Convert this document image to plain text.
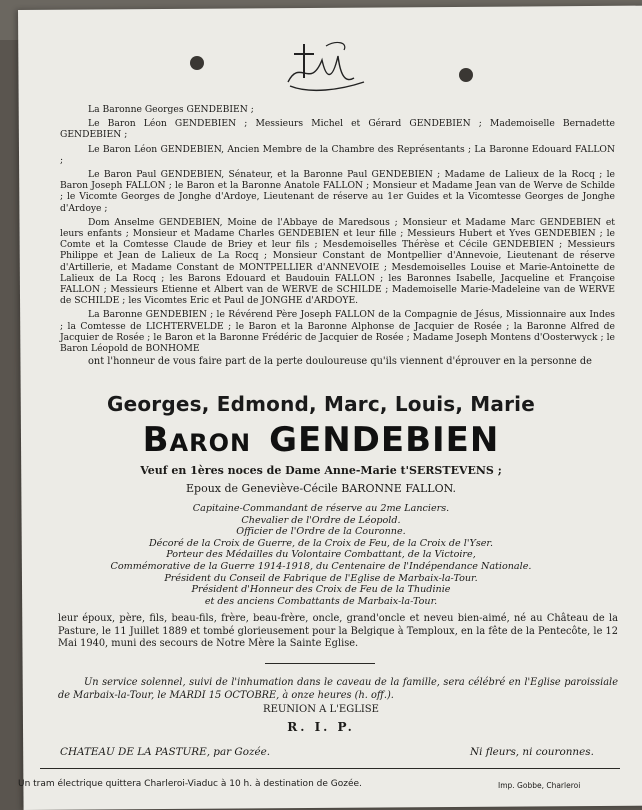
La Baronne Georges GENDEBIEN ;

Le Baron Léon GENDEBIEN ; Messieurs Michel et Gérard GENDEBIEN ; Mademoiselle Bernadette GENDEBIEN ;

Le Baron Léon GENDEBIEN, Ancien Membre de la Chambre des Représentants ; La Baronne Edouard FALLON ;

Le Baron Paul GENDEBIEN, Sénateur, et la Baronne Paul GENDEBIEN ; Madame de Lalieux de la Rocq ; le Baron Joseph FALLON ; le Baron et la Baronne Anatole FALLON ; Monsieur et Madame Jean van de Werve de Schilde ; le Vicomte Georges de Jonghe d'Ardoye, Lieutenant de réserve au 1er Guides et la Vicomtesse Georges de Jonghe d'Ardoye ;

Dom Anselme GENDEBIEN, Moine de l'Abbaye de Maredsous ; Monsieur et Madame Marc GENDEBIEN et leurs enfants ; Monsieur et Madame Charles GENDEBIEN et leur fille ; Messieurs Hubert et Yves GENDEBIEN ; le Comte et la Comtesse Claude de Briey et leur fils ; Mesdemoiselles Thérèse et Cécile GENDEBIEN ; Messieurs Philippe et Jean de Lalieux de La Rocq ; Monsieur Constant de Montpellier d'Annevoie, Lieutenant de réserve d'Artillerie, et Madame Constant de MONTPELLIER d'ANNEVOIE ; Mesdemoiselles Louise et Marie-Antoinette de Lalieux de La Rocq ; les Barons Edouard et Baudouin FALLON ; les Baronnes Isabelle, Jacqueline et Françoise FALLON ; Messieurs Etienne et Albert van de WERVE de SCHILDE ; Mademoiselle Marie-Madeleine van de WERVE de SCHILDE ; les Vicomtes Eric et Paul de JONGHE d'ARDOYE.

La Baronne GENDEBIEN ; le Révérend Père Joseph FALLON de la Compagnie de Jésus, Missionnaire aux Indes ; la Comtesse de LICHTERVELDE ; le Baron et la Baronne Alphonse de Jacquier de Rosée ; la Baronne Alfred de Jacquier de Rosée ; le Baron et la Baronne Frédéric de Jacquier de Rosée ; Madame Joseph Montens d'Oosterwyck ; le Baron Léopold de BONHOME

ont l'honneur de vous faire part de la perte douloureuse qu'ils viennent d'éprouver en la personne de

Georges, Edmond, Marc, Louis, Marie
Baron GENDEBIEN
Veuf en 1ères noces de Dame Anne-Marie t'SERSTEVENS ;
Epoux de Geneviève-Cécile BARONNE FALLON.
Capitaine-Commandant de réserve au 2me Lanciers.
Chevalier de l'Ordre de Léopold.
Officier de l'Ordre de la Couronne.
Décoré de la Croix de Guerre, de la Croix de Feu, de la Croix de l'Yser.
Porteur des Médailles du Volontaire Combattant, de la Victoire,
Commémorative de la Guerre 1914-1918, du Centenaire de l'Indépendance Nationale.
Président du Conseil de Fabrique de l'Eglise de Marbaix-la-Tour.
Président d'Honneur des Croix de Feu de la Thudinie
et des anciens Combattants de Marbaix-la-Tour.

leur époux, père, fils, beau-fils, frère, beau-frère, oncle, grand'oncle et neveu bien-aimé, né au Château de la Pasture, le 11 Juillet 1889 et tombé glorieusement pour la Belgique à Temploux, en la fête de la Pentecôte, le 12 Mai 1940, muni des secours de Notre Mère la Sainte Eglise.

Un service solennel, suivi de l'inhumation dans le caveau de la famille, sera célébré en l'Eglise paroissiale de Marbaix-la-Tour, le MARDI 15 OCTOBRE, à onze heures (h. off.).

REUNION A L'EGLISE
R. I. P.
CHATEAU DE LA PASTURE, par Gozée.	Ni fleurs, ni couronnes.
Un tram électrique quittera Charleroi-Viaduc à 10 h. à destination de Gozée.	Imp. Gobbe, Charleroi
